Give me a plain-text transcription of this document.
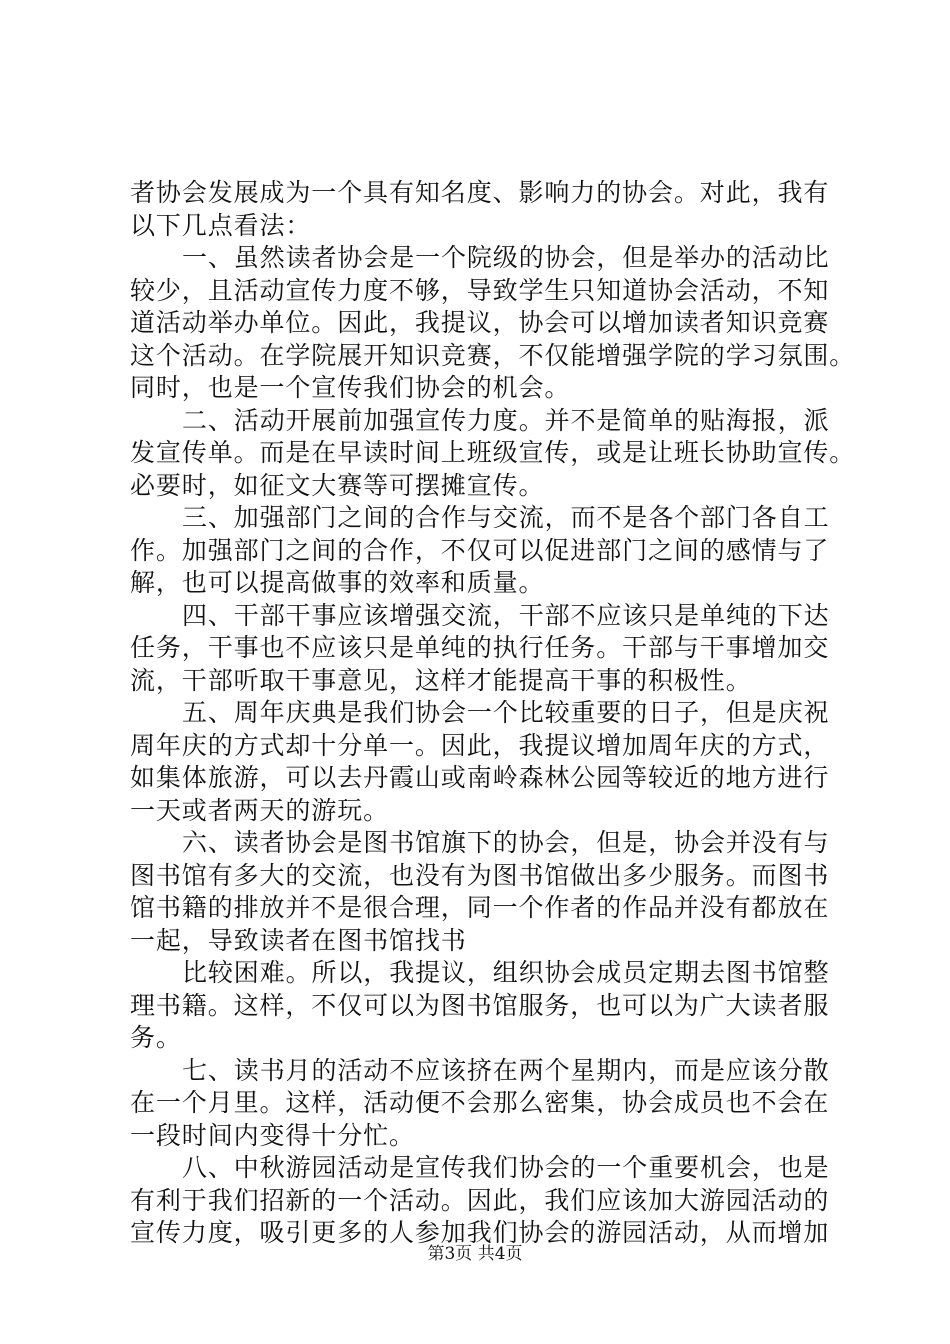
者协会发展成为一个具有知名度、影响力的协会。对此，我有
以下几点看法：
一、虽然读者协会是一个院级的协会，但是举办的活动比
较少，且活动宣传力度不够，导致学生只知道协会活动，不知
道活动举办单位。因此，我提议，协会可以增加读者知识竞赛
这个活动。在学院展开知识竞赛，不仅能增强学院的学习氛围。
同时，也是一个宣传我们协会的机会。
二、活动开展前加强宣传力度。并不是简单的贴海报，派
发宣传单。而是在早读时间上班级宣传，或是让班长协助宣传。
必要时，如征文大赛等可摆摊宣传。
三、加强部门之间的合作与交流，而不是各个部门各自工
作。加强部门之间的合作，不仅可以促进部门之间的感情与了
解，也可以提高做事的效率和质量。
四、干部干事应该增强交流，干部不应该只是单纯的下达
任务，干事也不应该只是单纯的执行任务。干部与干事增加交
流，干部听取干事意见，这样才能提高干事的积极性。
五、周年庆典是我们协会一个比较重要的日子，但是庆祝
周年庆的方式却十分单一。因此，我提议增加周年庆的方式，
如集体旅游，可以去丹霞山或南岭森林公园等较近的地方进行
一天或者两天的游玩。
六、读者协会是图书馆旗下的协会，但是，协会并没有与
图书馆有多大的交流，也没有为图书馆做出多少服务。而图书
馆书籍的排放并不是很合理，同一个作者的作品并没有都放在
一起，导致读者在图书馆找书
比较困难。所以，我提议，组织协会成员定期去图书馆整
理书籍。这样，不仅可以为图书馆服务，也可以为广大读者服
务。
七、读书月的活动不应该挤在两个星期内，而是应该分散
在一个月里。这样，活动便不会那么密集，协会成员也不会在
一段时间内变得十分忙。
八、中秋游园活动是宣传我们协会的一个重要机会，也是
有利于我们招新的一个活动。因此，我们应该加大游园活动的
宣传力度，吸引更多的人参加我们协会的游园活动，从而增加
第3页 共4页
